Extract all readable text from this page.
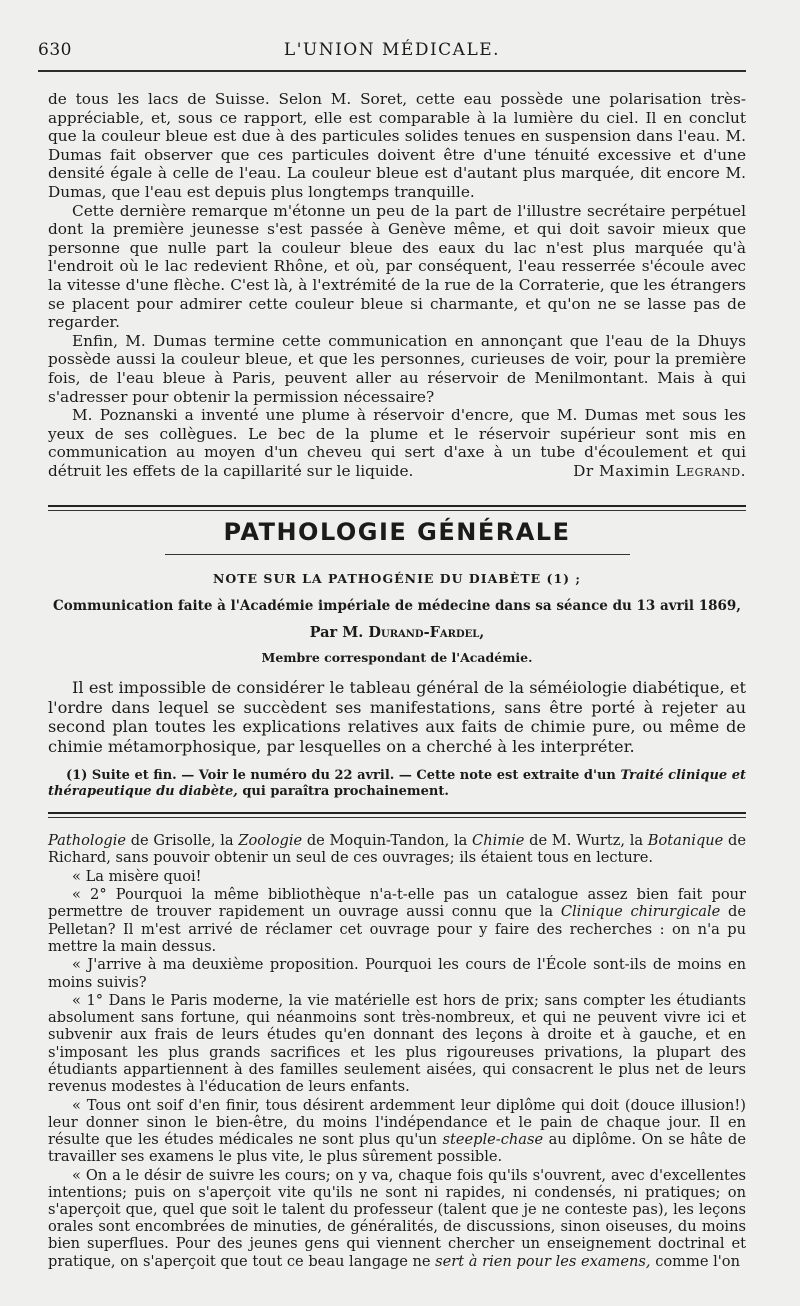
630	L'UNION MÉDICALE.

de tous les lacs de Suisse. Selon M. Soret, cette eau possède une polarisation très-appréciable, et, sous ce rapport, elle est comparable à la lumière du ciel. Il en conclut que la couleur bleue est due à des particules solides tenues en suspension dans l'eau. M. Dumas fait observer que ces particules doivent être d'une ténuité excessive et d'une densité égale à celle de l'eau. La couleur bleue est d'autant plus marquée, dit encore M. Dumas, que l'eau est depuis plus longtemps tranquille.

Cette dernière remarque m'étonne un peu de la part de l'illustre secrétaire perpétuel dont la première jeunesse s'est passée à Genève même, et qui doit savoir mieux que personne que nulle part la couleur bleue des eaux du lac n'est plus marquée qu'à l'endroit où le lac redevient Rhône, et où, par conséquent, l'eau resserrée s'écoule avec la vitesse d'une flèche. C'est là, à l'extrémité de la rue de la Corraterie, que les étrangers se placent pour admirer cette couleur bleue si charmante, et qu'on ne se lasse pas de regarder.

Enfin, M. Dumas termine cette communication en annonçant que l'eau de la Dhuys possède aussi la couleur bleue, et que les personnes, curieuses de voir, pour la première fois, de l'eau bleue à Paris, peuvent aller au réservoir de Menilmontant. Mais à qui s'adresser pour obtenir la permission nécessaire?

M. Poznanski a inventé une plume à réservoir d'encre, que M. Dumas met sous les yeux de ses collègues. Le bec de la plume et le réservoir supérieur sont mis en communication au moyen d'un cheveu qui sert d'axe à un tube d'écoulement et qui détruit les effets de la capillarité sur le liquide.	Dr Maximin Legrand.

PATHOLOGIE GÉNÉRALE
NOTE SUR LA PATHOGÉNIE DU DIABÈTE (1) ;
Communication faite à l'Académie impériale de médecine dans sa séance du 13 avril 1869,
Par M. Durand-Fardel,
Membre correspondant de l'Académie.

Il est impossible de considérer le tableau général de la séméiologie diabétique, et l'ordre dans lequel se succèdent ses manifestations, sans être porté à rejeter au second plan toutes les explications relatives aux faits de chimie pure, ou même de chimie métamorphosique, par lesquelles on a cherché à les interpréter.

(1) Suite et fin. — Voir le numéro du 22 avril. — Cette note est extraite d'un Traité clinique et thérapeutique du diabète, qui paraîtra prochainement.

Pathologie de Grisolle, la Zoologie de Moquin-Tandon, la Chimie de M. Wurtz, la Botanique de Richard, sans pouvoir obtenir un seul de ces ouvrages; ils étaient tous en lecture.

« La misère quoi!

« 2° Pourquoi la même bibliothèque n'a-t-elle pas un catalogue assez bien fait pour permettre de trouver rapidement un ouvrage aussi connu que la Clinique chirurgicale de Pelletan? Il m'est arrivé de réclamer cet ouvrage pour y faire des recherches : on n'a pu mettre la main dessus.

« J'arrive à ma deuxième proposition. Pourquoi les cours de l'École sont-ils de moins en moins suivis?

« 1° Dans le Paris moderne, la vie matérielle est hors de prix; sans compter les étudiants absolument sans fortune, qui néanmoins sont très-nombreux, et qui ne peuvent vivre ici et subvenir aux frais de leurs études qu'en donnant des leçons à droite et à gauche, et en s'imposant les plus grands sacrifices et les plus rigoureuses privations, la plupart des étudiants appartiennent à des familles seulement aisées, qui consacrent le plus net de leurs revenus modestes à l'éducation de leurs enfants.

« Tous ont soif d'en finir, tous désirent ardemment leur diplôme qui doit (douce illusion!) leur donner sinon le bien-être, du moins l'indépendance et le pain de chaque jour. Il en résulte que les études médicales ne sont plus qu'un steeple-chase au diplôme. On se hâte de travailler ses examens le plus vite, le plus sûrement possible.

« On a le désir de suivre les cours; on y va, chaque fois qu'ils s'ouvrent, avec d'excellentes intentions; puis on s'aperçoit vite qu'ils ne sont ni rapides, ni condensés, ni pratiques; on s'aperçoit que, quel que soit le talent du professeur (talent que je ne conteste pas), les leçons orales sont encombrées de minuties, de généralités, de discussions, sinon oiseuses, du moins bien superflues. Pour des jeunes gens qui viennent chercher un enseignement doctrinal et pratique, on s'aperçoit que tout ce beau langage ne sert à rien pour les examens, comme l'on
